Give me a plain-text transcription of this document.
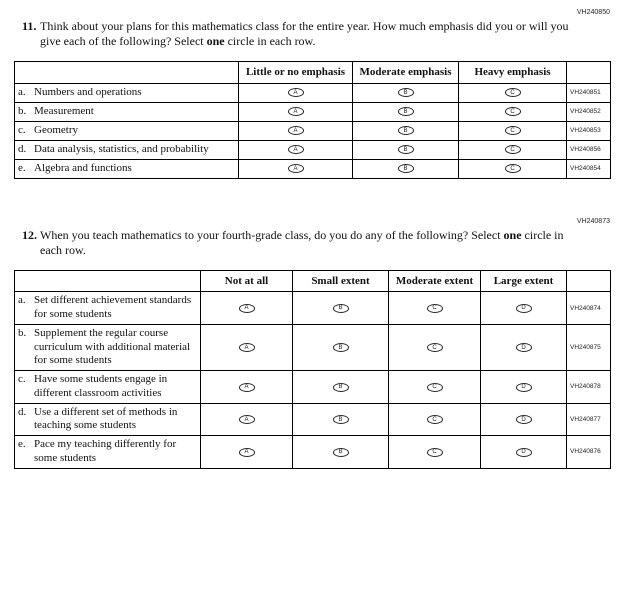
VH240850
11. Think about your plans for this mathematics class for the entire year. How much emphasis did you or will you give each of the following? Select one circle in each row.
	Little or no emphasis	Moderate emphasis	Heavy emphasis	

a. Numbers and operations	A	B	C	VH240851

b. Measurement	A	B	C	VH240852

c. Geometry	A	B	C	VH240853

d. Data analysis, statistics, and probability	A	B	C	VH240856

e. Algebra and functions	A	B	C	VH240854
VH240873
12. When you teach mathematics to your fourth-grade class, do you do any of the following? Select one circle in each row.
	Not at all	Small extent	Moderate extent	Large extent	

a. Set different achievement standards for some students	A	B	C	D	VH240874

b. Supplement the regular course curriculum with additional material for some students	A	B	C	D	VH240875

c. Have some students engage in different classroom activities	A	B	C	D	VH240878

d. Use a different set of methods in teaching some students	A	B	C	D	VH240877

e. Pace my teaching differently for some students	A	B	C	D	VH240876
